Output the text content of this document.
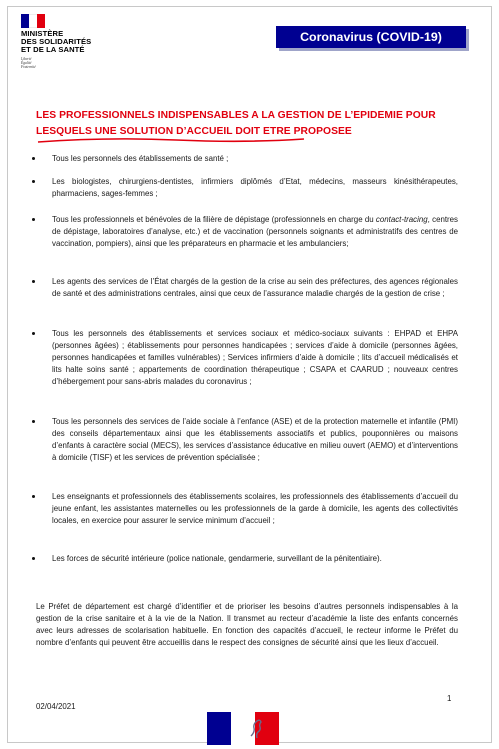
MINISTÈRE
DES SOLIDARITÉS
ET DE LA SANTÉ
Liberté
Égalité
Fraternité
Coronavirus (COVID-19)
LES PROFESSIONNELS INDISPENSABLES A LA GESTION DE L’EPIDEMIE POUR LESQUELS UNE SOLUTION D’ACCUEIL DOIT ETRE PROPOSEE
Tous les personnels des établissements de santé ;
Les biologistes, chirurgiens-dentistes, infirmiers diplômés d’Etat, médecins, masseurs kinésithérapeutes, pharmaciens, sages-femmes ;
Tous les professionnels et bénévoles de la filière de dépistage (professionnels en charge du contact-tracing, centres de dépistage, laboratoires d’analyse, etc.) et de vaccination (personnels soignants et administratifs des centres de vaccination, pompiers), ainsi que les préparateurs en pharmacie et les ambulanciers;
Les agents des services de l’État chargés de la gestion de la crise au sein des préfectures, des agences régionales de santé et des administrations centrales, ainsi que ceux de l’assurance maladie chargés de la gestion de crise ;
Tous les personnels des établissements et services sociaux et médico-sociaux suivants : EHPAD et EHPA (personnes âgées) ; établissements pour personnes handicapées ; services d’aide à domicile (personnes âgées, personnes handicapées et familles vulnérables) ; Services infirmiers d’aide à domicile ; lits d’accueil médicalisés et lits halte soins santé ; appartements de coordination thérapeutique ; CSAPA et CAARUD ; nouveaux centres d’hébergement pour sans-abris malades du coronavirus ;
Tous les personnels des services de l’aide sociale à l’enfance (ASE) et de la protection maternelle et infantile (PMI) des conseils départementaux ainsi que les établissements associatifs et publics, pouponnières ou maisons d’enfants à caractère social (MECS), les services d’assistance éducative en milieu ouvert (AEMO) et d’interventions à domicile (TISF) et les services de prévention spécialisée ;
Les enseignants et professionnels des établissements scolaires, les professionnels des établissements d’accueil du jeune enfant, les assistantes maternelles ou les professionnels de la garde à domicile, les agents des collectivités locales, en exercice pour assurer le service minimum d’accueil ;
Les forces de sécurité intérieure (police nationale, gendarmerie, surveillant de la pénitentiaire).
Le Préfet de département est chargé d’identifier et de prioriser les besoins d’autres personnels indispensables à la gestion de la crise sanitaire et à la vie de la Nation. Il transmet au recteur d’académie la liste des enfants concernés avec leurs adresses de scolarisation habituelle. En fonction des capacités d’accueil, le recteur informe le Préfet du nombre d’enfants qui peuvent être accueillis dans le respect des consignes de sécurité ainsi que les lieux d’accueil.
1
02/04/2021
